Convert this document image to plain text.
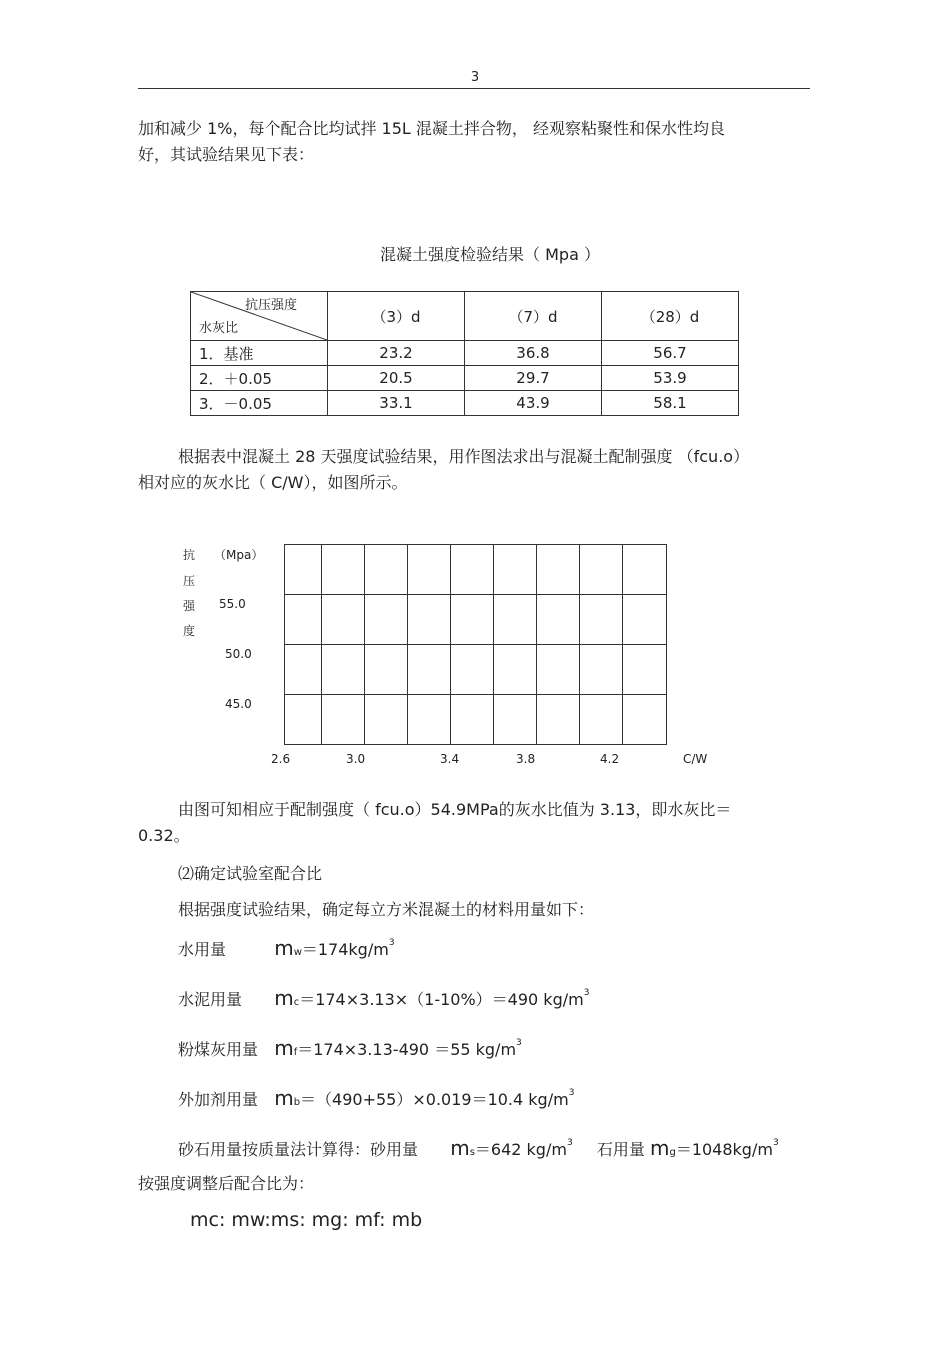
3
加和减少 1%，每个配合比均试拌 15L 混凝土拌合物， 经观察粘聚性和保水性均良
好，其试验结果见下表：
混凝土强度检验结果（ Mpa ）
抗压强度
水灰比	（3）d	（7）d	（28）d
1．基准	23.2	36.8	56.7
2．＋0.05	20.5	29.7	53.9
3．－0.05	33.1	43.9	58.1
根据表中混凝土 28 天强度试验结果，用作图法求出与混凝土配制强度 （fcu.o）
相对应的灰水比（ C/W），如图所示。
抗
压
强
度
（Mpa）
55.0
50.0
45.0
2.6	3.0	3.4	3.8	4.2	C/W
由图可知相应于配制强度（ fcu.o）54.9MPa的灰水比值为 3.13，即水灰比＝
0.32。
⑵确定试验室配合比
根据强度试验结果，确定每立方米混凝土的材料用量如下：
水用量 $mw=174kg/m^3$
水泥用量 mc＝174×3.13×（1-10%）＝490 $kg/m^3$
粉煤灰用量 mf＝174×3.13-490 ＝55 $kg/m^3$
外加剂用量 mb＝（490+55）×0.019＝10.4 $kg/m^3$
砂石用量按质量法计算得：砂用量 ms＝642 $kg/m^3$ 石用量 $mg=1048kg/m^3$
按强度调整后配合比为：
mc: mw:ms: mg: mf: mb
